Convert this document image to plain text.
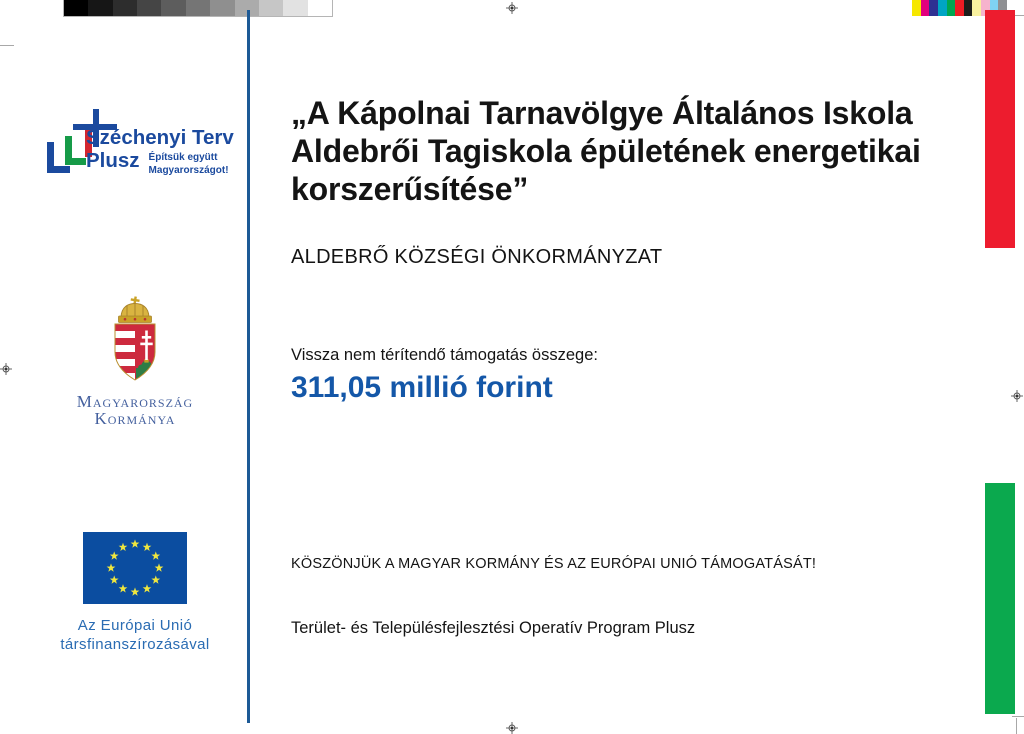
Széchenyi Terv
Plusz Építsük együtt
Magyarországot!
Magyarország
Kormánya
Az Európai Unió
társfinanszírozásával
„A Kápolnai Tarnavölgye Általános Iskola Aldebrői Tagiskola épületének energetikai korszerűsítése”
ALDEBRŐ KÖZSÉGI ÖNKORMÁNYZAT
Vissza nem térítendő támogatás összege:
311,05 millió forint
KÖSZÖNJÜK A MAGYAR KORMÁNY ÉS AZ EURÓPAI UNIÓ TÁMOGATÁSÁT!
Terület- és Településfejlesztési Operatív Program Plusz
